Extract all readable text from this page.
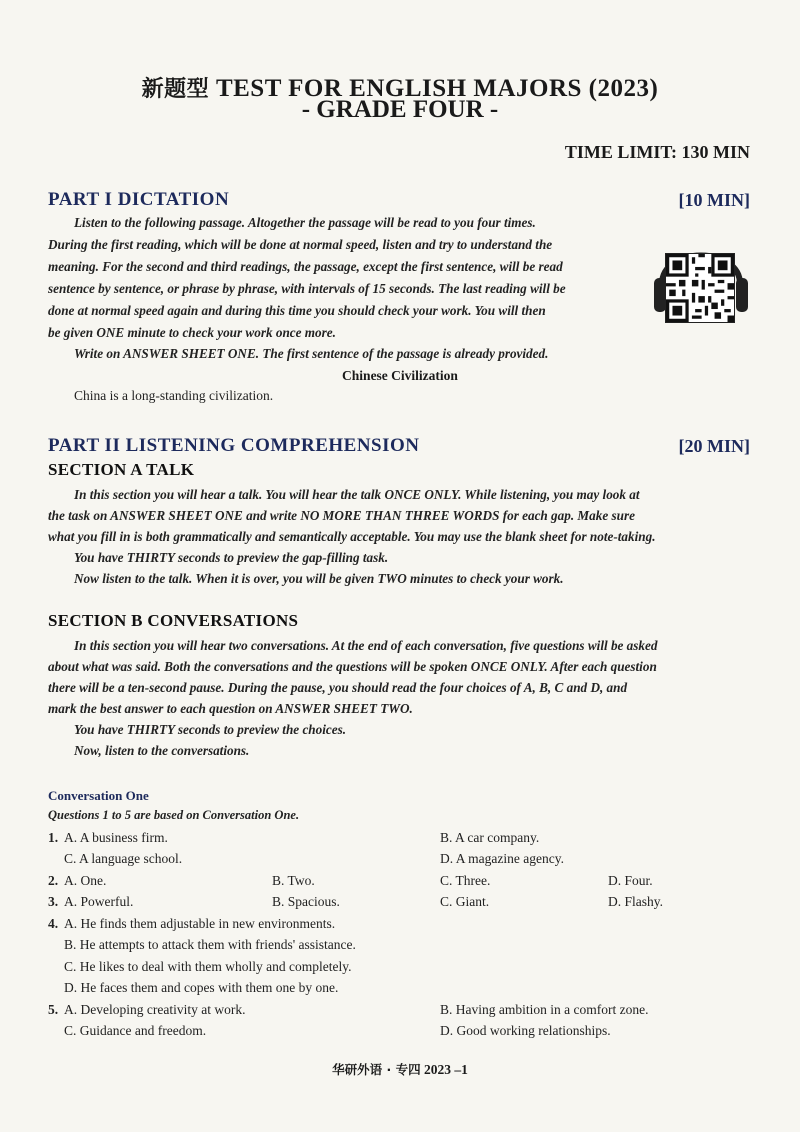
新题型 TEST FOR ENGLISH MAJORS (2023)
- GRADE FOUR -
TIME LIMIT: 130 MIN
PART I DICTATION	[10 MIN]
Listen to the following passage. Altogether the passage will be read to you four times.
During the first reading, which will be done at normal speed, listen and try to understand the
meaning. For the second and third readings, the passage, except the first sentence, will be read
sentence by sentence, or phrase by phrase, with intervals of 15 seconds. The last reading will be
done at normal speed again and during this time you should check your work. You will then
be given ONE minute to check your work once more.
Write on ANSWER SHEET ONE. The first sentence of the passage is already provided.
Chinese Civilization
China is a long-standing civilization.
PART II LISTENING COMPREHENSION	[20 MIN]
SECTION A TALK
In this section you will hear a talk. You will hear the talk ONCE ONLY. While listening, you may look at
the task on ANSWER SHEET ONE and write NO MORE THAN THREE WORDS for each gap. Make sure
what you fill in is both grammatically and semantically acceptable. You may use the blank sheet for note-taking.
You have THIRTY seconds to preview the gap-filling task.
Now listen to the talk. When it is over, you will be given TWO minutes to check your work.
SECTION B CONVERSATIONS
In this section you will hear two conversations. At the end of each conversation, five questions will be asked
about what was said. Both the conversations and the questions will be spoken ONCE ONLY. After each question
there will be a ten-second pause. During the pause, you should read the four choices of A, B, C and D, and
mark the best answer to each question on ANSWER SHEET TWO.
You have THIRTY seconds to preview the choices.
Now, listen to the conversations.
Conversation One
Questions 1 to 5 are based on Conversation One.
1. A. A business firm.	B. A car company.
C. A language school.	D. A magazine agency.
2. A. One.	B. Two.	C. Three.	D. Four.
3. A. Powerful.	B. Spacious.	C. Giant.	D. Flashy.
4. A. He finds them adjustable in new environments.
B. He attempts to attack them with friends' assistance.
C. He likes to deal with them wholly and completely.
D. He faces them and copes with them one by one.
5. A. Developing creativity at work.	B. Having ambition in a comfort zone.
C. Guidance and freedom.	D. Good working relationships.
华研外语 · 专四 2023 –1
